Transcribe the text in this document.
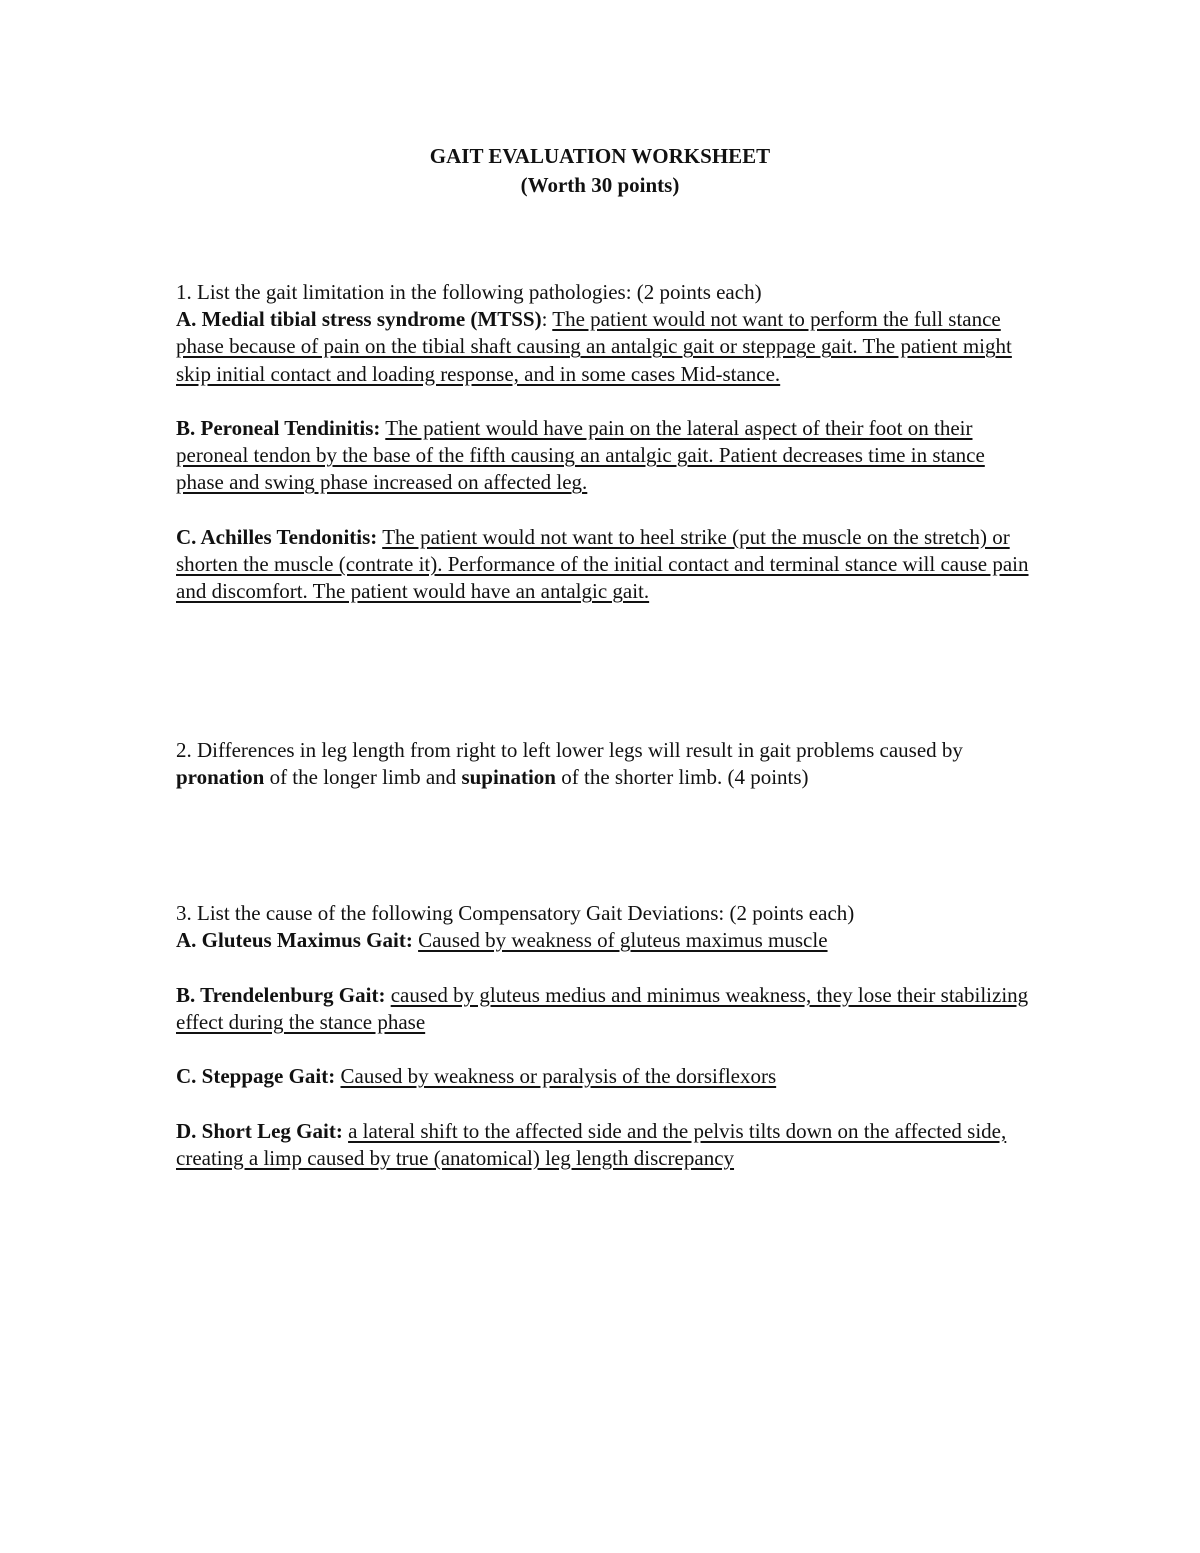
GAIT EVALUATION WORKSHEET
(Worth 30 points)

1. List the gait limitation in the following pathologies: (2 points each)

A. Medial tibial stress syndrome (MTSS): The patient would not want to perform the full stance phase because of pain on the tibial shaft causing an antalgic gait or steppage gait. The patient might skip initial contact and loading response, and in some cases Mid-stance.

B. Peroneal Tendinitis: The patient would have pain on the lateral aspect of their foot on their peroneal tendon by the base of the fifth causing an antalgic gait. Patient decreases time in stance phase and swing phase increased on affected leg.

C. Achilles Tendonitis: The patient would not want to heel strike (put the muscle on the stretch) or shorten the muscle (contrate it). Performance of the initial contact and terminal stance will cause pain and discomfort. The patient would have an antalgic gait.

2. Differences in leg length from right to left lower legs will result in gait problems caused by pronation of the longer limb and supination of the shorter limb. (4 points)

3. List the cause of the following Compensatory Gait Deviations: (2 points each)

A. Gluteus Maximus Gait: Caused by weakness of gluteus maximus muscle

B. Trendelenburg Gait: caused by gluteus medius and minimus weakness, they lose their stabilizing effect during the stance phase

C. Steppage Gait: Caused by weakness or paralysis of the dorsiflexors

D. Short Leg Gait: a lateral shift to the affected side and the pelvis tilts down on the affected side, creating a limp caused by true (anatomical) leg length discrepancy
